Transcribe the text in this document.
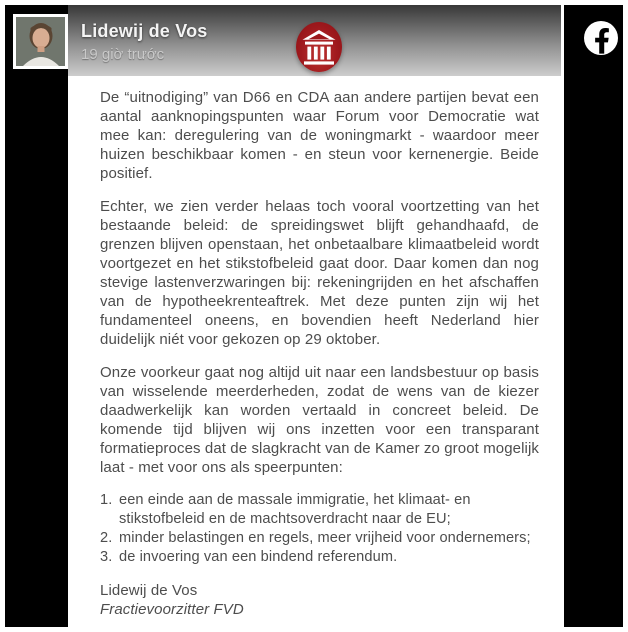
Lidewij de Vos
19 giờ trước

De “uitnodiging” van D66 en CDA aan andere partijen bevat een aantal aanknopingspunten waar Forum voor Democratie wat mee kan: deregulering van de woningmarkt - waardoor meer huizen beschikbaar komen - en steun voor kernenergie. Beide positief.

Echter, we zien verder helaas toch vooral voortzetting van het bestaande beleid: de spreidingswet blijft gehandhaafd, de grenzen blijven openstaan, het onbetaalbare klimaatbeleid wordt voortgezet en het stikstofbeleid gaat door. Daar komen dan nog stevige lastenverzwaringen bij: rekeningrijden en het afschaffen van de hypotheekrenteaftrek. Met deze punten zijn wij het fundamenteel oneens, en bovendien heeft Nederland hier duidelijk niét voor gekozen op 29 oktober.

Onze voorkeur gaat nog altijd uit naar een landsbestuur op basis van wisselende meerderheden, zodat de wens van de kiezer daadwerkelijk kan worden vertaald in concreet beleid. De komende tijd blijven wij ons inzetten voor een transparant formatieproces dat de slagkracht van de Kamer zo groot mogelijk laat - met voor ons als speerpunten:

1. een einde aan de massale immigratie, het klimaat- en stikstofbeleid en de machtsoverdracht naar de EU;
2. minder belastingen en regels, meer vrijheid voor ondernemers;
3. de invoering van een bindend referendum.
Lidewij de Vos
Fractievoorzitter FVD
